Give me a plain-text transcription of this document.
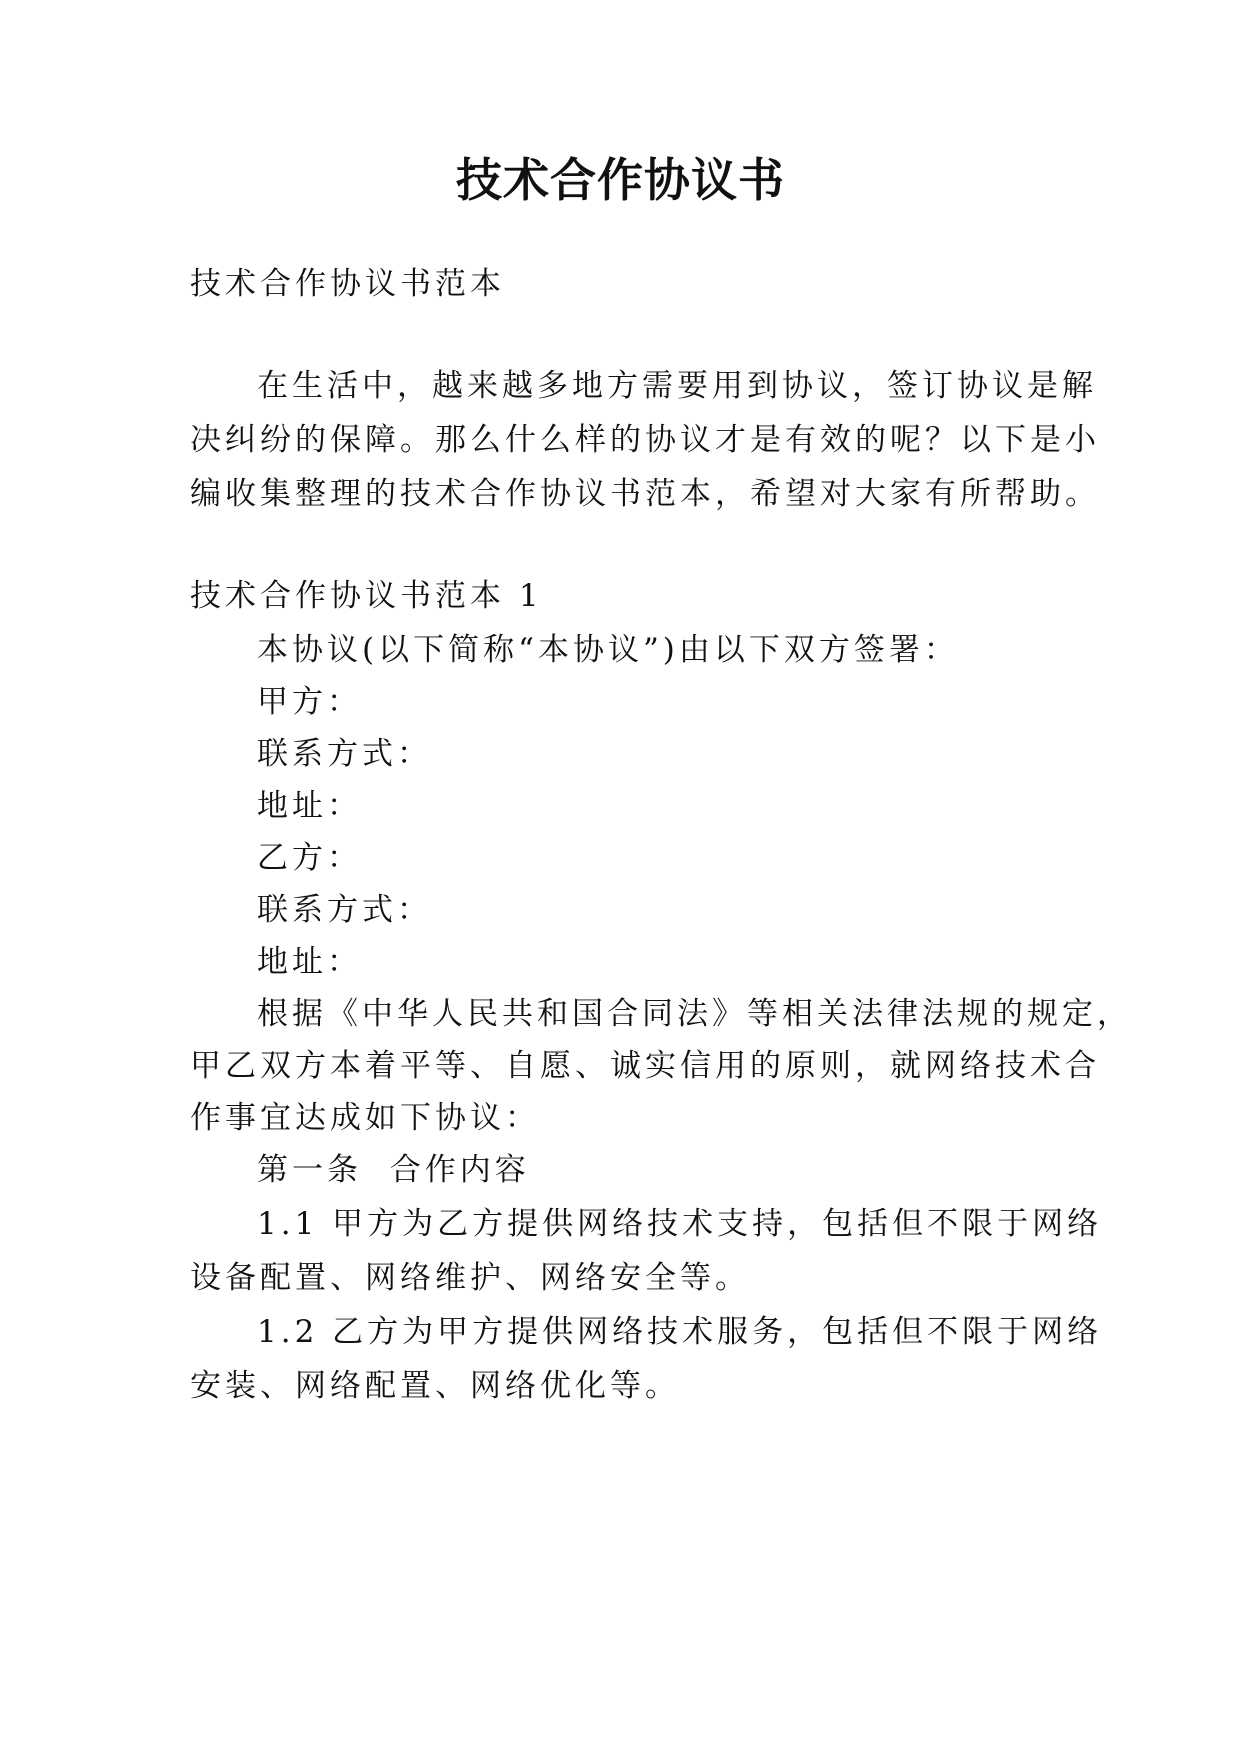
技术合作协议书
技术合作协议书范本
在生活中，越来越多地方需要用到协议，签订协议是解
决纠纷的保障。那么什么样的协议才是有效的呢？以下是小
编收集整理的技术合作协议书范本，希望对大家有所帮助。
技术合作协议书范本 1
本协议(以下简称“本协议”)由以下双方签署：
甲方：
联系方式：
地址：
乙方：
联系方式：
地址：
根据《中华人民共和国合同法》等相关法律法规的规定，
甲乙双方本着平等、自愿、诚实信用的原则，就网络技术合
作事宜达成如下协议：
第一条  合作内容
1.1 甲方为乙方提供网络技术支持，包括但不限于网络
设备配置、网络维护、网络安全等。
1.2 乙方为甲方提供网络技术服务，包括但不限于网络
安装、网络配置、网络优化等。
